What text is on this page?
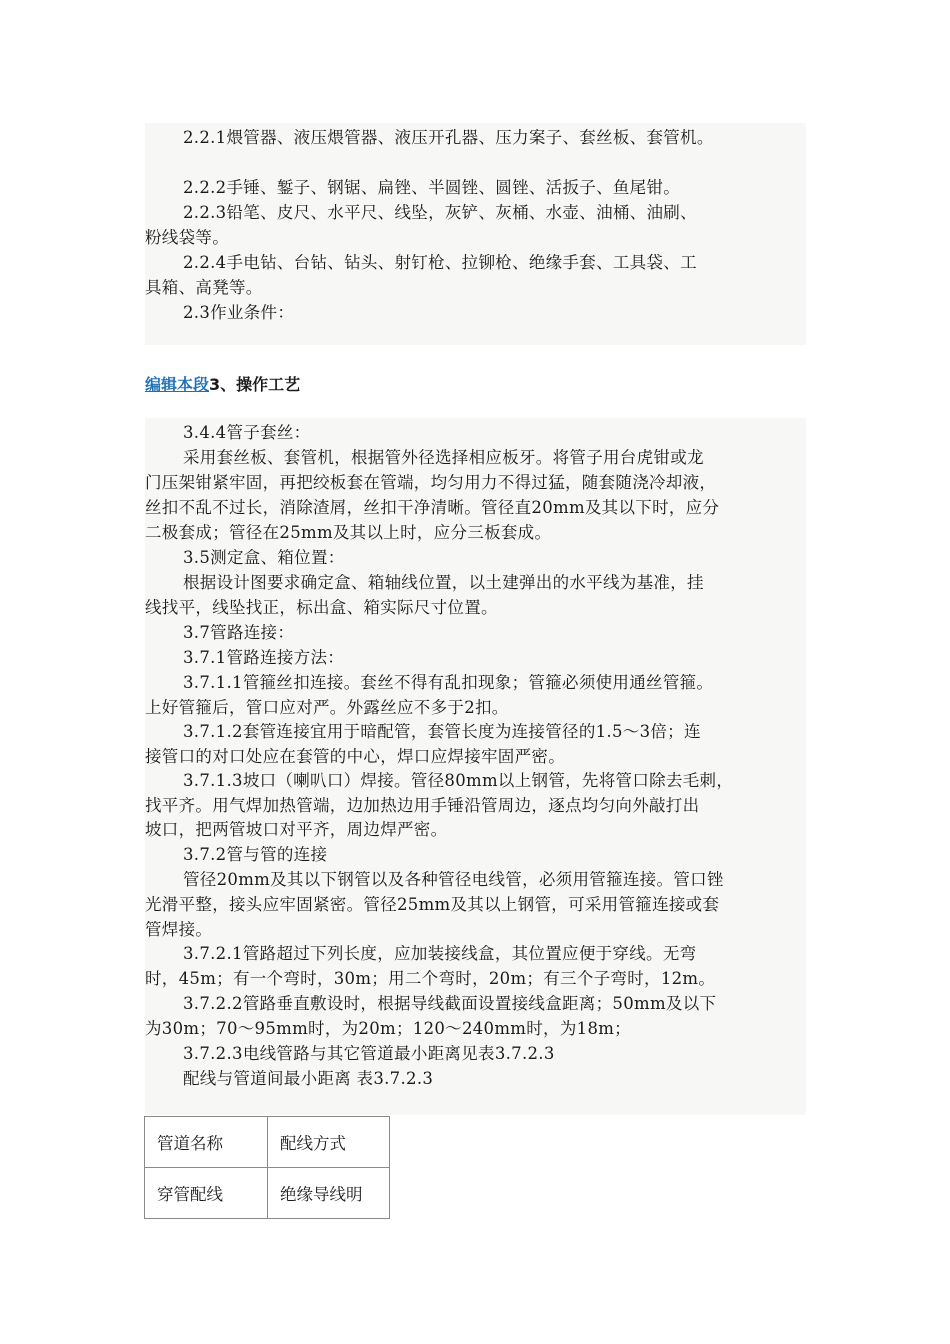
2.2.1煨管器、液压煨管器、液压开孔器、压力案子、套丝板、套管机。
2.2.2手锤、錾子、钢锯、扁锉、半圆锉、圆锉、活扳子、鱼尾钳。
2.2.3铅笔、皮尺、水平尺、线坠，灰铲、灰桶、水壶、油桶、油刷、
粉线袋等。
2.2.4手电钻、台钻、钻头、射钉枪、拉铆枪、绝缘手套、工具袋、工
具箱、高凳等。
2.3作业条件：
编辑本段3、操作工艺
3.4.4管子套丝：
采用套丝板、套管机，根据管外径选择相应板牙。将管子用台虎钳或龙
门压架钳紧牢固，再把绞板套在管端，均匀用力不得过猛，随套随浇冷却液，
丝扣不乱不过长，消除渣屑，丝扣干净清晰。管径直20mm及其以下时，应分
二极套成；管径在25mm及其以上时，应分三板套成。
3.5测定盒、箱位置：
根据设计图要求确定盒、箱轴线位置，以土建弹出的水平线为基准，挂
线找平，线坠找正，标出盒、箱实际尺寸位置。
3.7管路连接：
3.7.1管路连接方法：
3.7.1.1管箍丝扣连接。套丝不得有乱扣现象；管箍必须使用通丝管箍。
上好管箍后，管口应对严。外露丝应不多于2扣。
3.7.1.2套管连接宜用于暗配管，套管长度为连接管径的1.5～3倍；连
接管口的对口处应在套管的中心，焊口应焊接牢固严密。
3.7.1.3坡口（喇叭口）焊接。管径80mm以上钢管，先将管口除去毛刺，
找平齐。用气焊加热管端，边加热边用手锤沿管周边，逐点均匀向外敲打出
坡口，把两管坡口对平齐，周边焊严密。
3.7.2管与管的连接
管径20mm及其以下钢管以及各种管径电线管，必须用管箍连接。管口锉
光滑平整，接头应牢固紧密。管径25mm及其以上钢管，可采用管箍连接或套
管焊接。
3.7.2.1管路超过下列长度，应加装接线盒，其位置应便于穿线。无弯
时，45m；有一个弯时，30m；用二个弯时，20m；有三个子弯时，12m。
3.7.2.2管路垂直敷设时，根据导线截面设置接线盒距离；50mm及以下
为30m；70～95mm时，为20m；120～240mm时，为18m；
3.7.2.3电线管路与其它管道最小距离见表3.7.2.3
配线与管道间最小距离 表3.7.2.3
管道名称	配线方式
穿管配线	绝缘导线明
